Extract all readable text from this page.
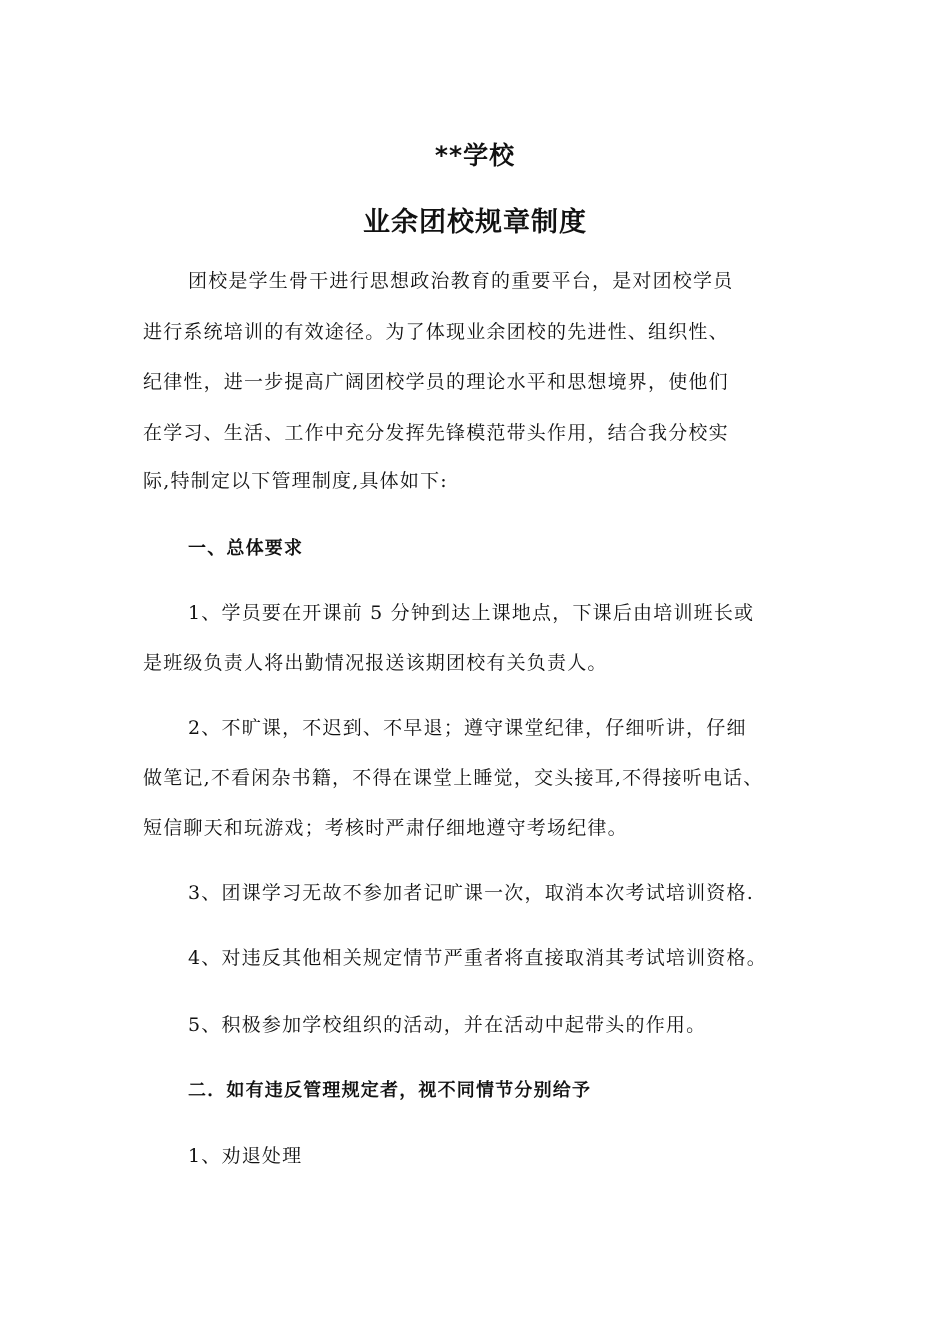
**学校
业余团校规章制度
团校是学生骨干进行思想政治教育的重要平台，是对团校学员
进行系统培训的有效途径。为了体现业余团校的先进性、组织性、
纪律性，进一步提高广阔团校学员的理论水平和思想境界，使他们
在学习、生活、工作中充分发挥先锋模范带头作用，结合我分校实
际,特制定以下管理制度,具体如下:
一、总体要求
1、学员要在开课前 5 分钟到达上课地点，下课后由培训班长或
是班级负责人将出勤情况报送该期团校有关负责人。
2、不旷课，不迟到、不早退；遵守课堂纪律，仔细听讲，仔细
做笔记,不看闲杂书籍，不得在课堂上睡觉，交头接耳,不得接听电话、
短信聊天和玩游戏；考核时严肃仔细地遵守考场纪律。
3、团课学习无故不参加者记旷课一次，取消本次考试培训资格.
4、对违反其他相关规定情节严重者将直接取消其考试培训资格。
5、积极参加学校组织的活动，并在活动中起带头的作用。
二．如有违反管理规定者，视不同情节分别给予
1、劝退处理
